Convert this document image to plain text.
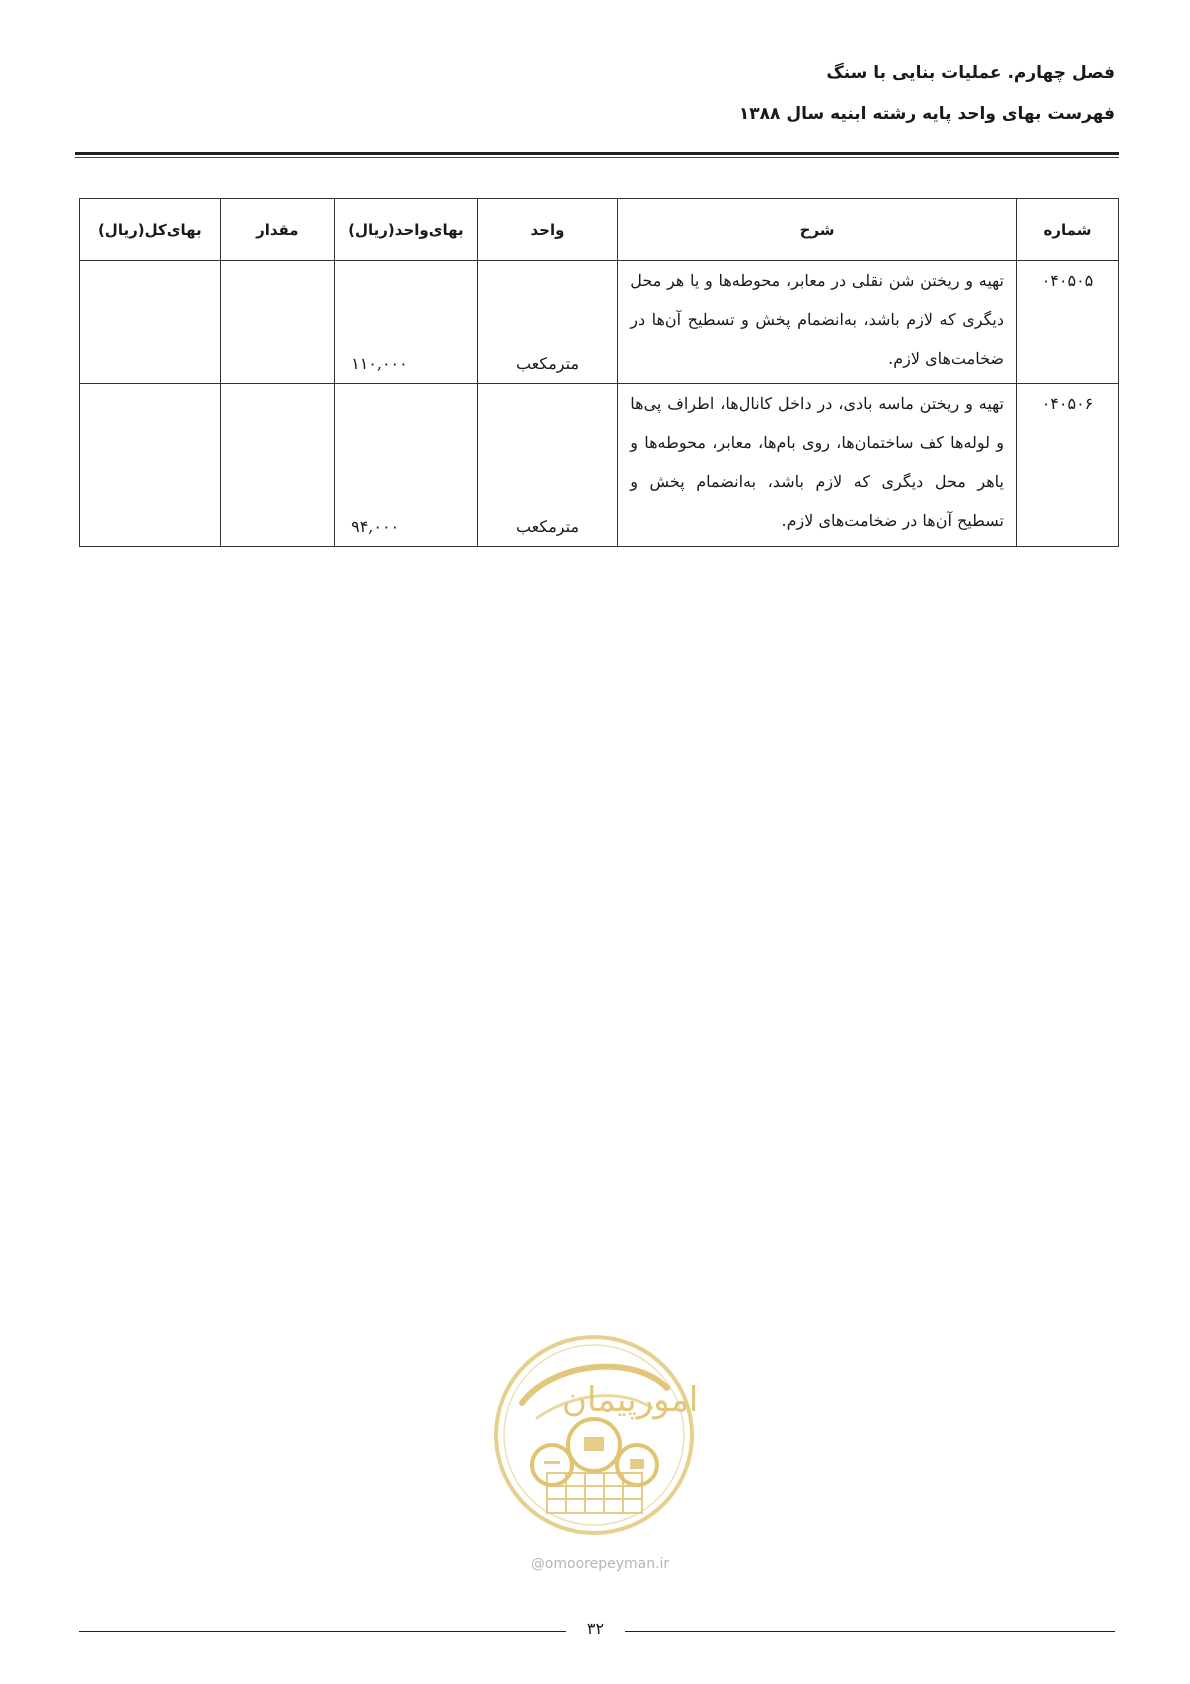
فصل چهارم. عملیات بنایی با سنگ
فهرست بهای واحد پایه رشته ابنیه سال ۱۳۸۸
شماره	شرح	واحد	بهای‌واحد(ریال)	مقدار	بهای‌کل(ریال)
۰۴۰۵۰۵	تهیه و ریختن شن نقلی در معابر، محوطه‌ها و یا هر محل دیگری که لازم باشد، به‌انضمام پخش و تسطیح آن‌ها در ضخامت‌های لازم.	مترمکعب	۱۱۰,۰۰۰		
۰۴۰۵۰۶	تهیه و ریختن ماسه بادی، در داخل کانال‌ها، اطراف پی‌ها و لوله‌ها کف ساختمان‌ها، روی بام‌ها، معابر، محوطه‌ها و یاهر محل دیگری که لازم باشد، به‌انضمام پخش و تسطیح آن‌ها در ضخامت‌های لازم.	مترمکعب	۹۴,۰۰۰		
امورپیمان
@omoorepeyman.ir
۳۲
